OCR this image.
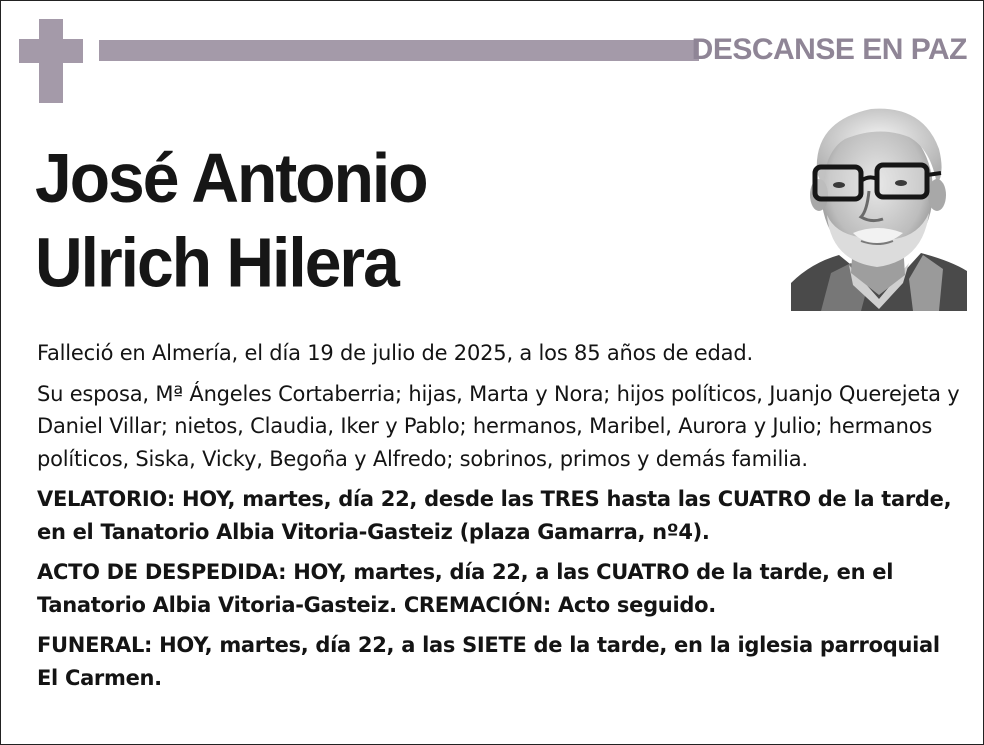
DESCANSE EN PAZ
José Antonio
Ulrich Hilera

Falleció en Almería, el día 19 de julio de 2025, a los 85 años de edad.

Su esposa, Mª Ángeles Cortaberria; hijas, Marta y Nora; hijos políticos, Juanjo Querejeta y Daniel Villar; nietos, Claudia, Iker y Pablo; hermanos, Maribel, Aurora y Julio; hermanos políticos, Siska, Vicky, Begoña y Alfredo; sobrinos, primos y demás familia.

VELATORIO: HOY, martes, día 22, desde las TRES hasta las CUATRO de la tarde, en el Tanatorio Albia Vitoria-Gasteiz (plaza Gamarra, nº4).

ACTO DE DESPEDIDA: HOY, martes, día 22, a las CUATRO de la tarde, en el Tanatorio Albia Vitoria-Gasteiz. CREMACIÓN: Acto seguido.

FUNERAL: HOY, martes, día 22, a las SIETE de la tarde, en la iglesia parroquial El Carmen.
